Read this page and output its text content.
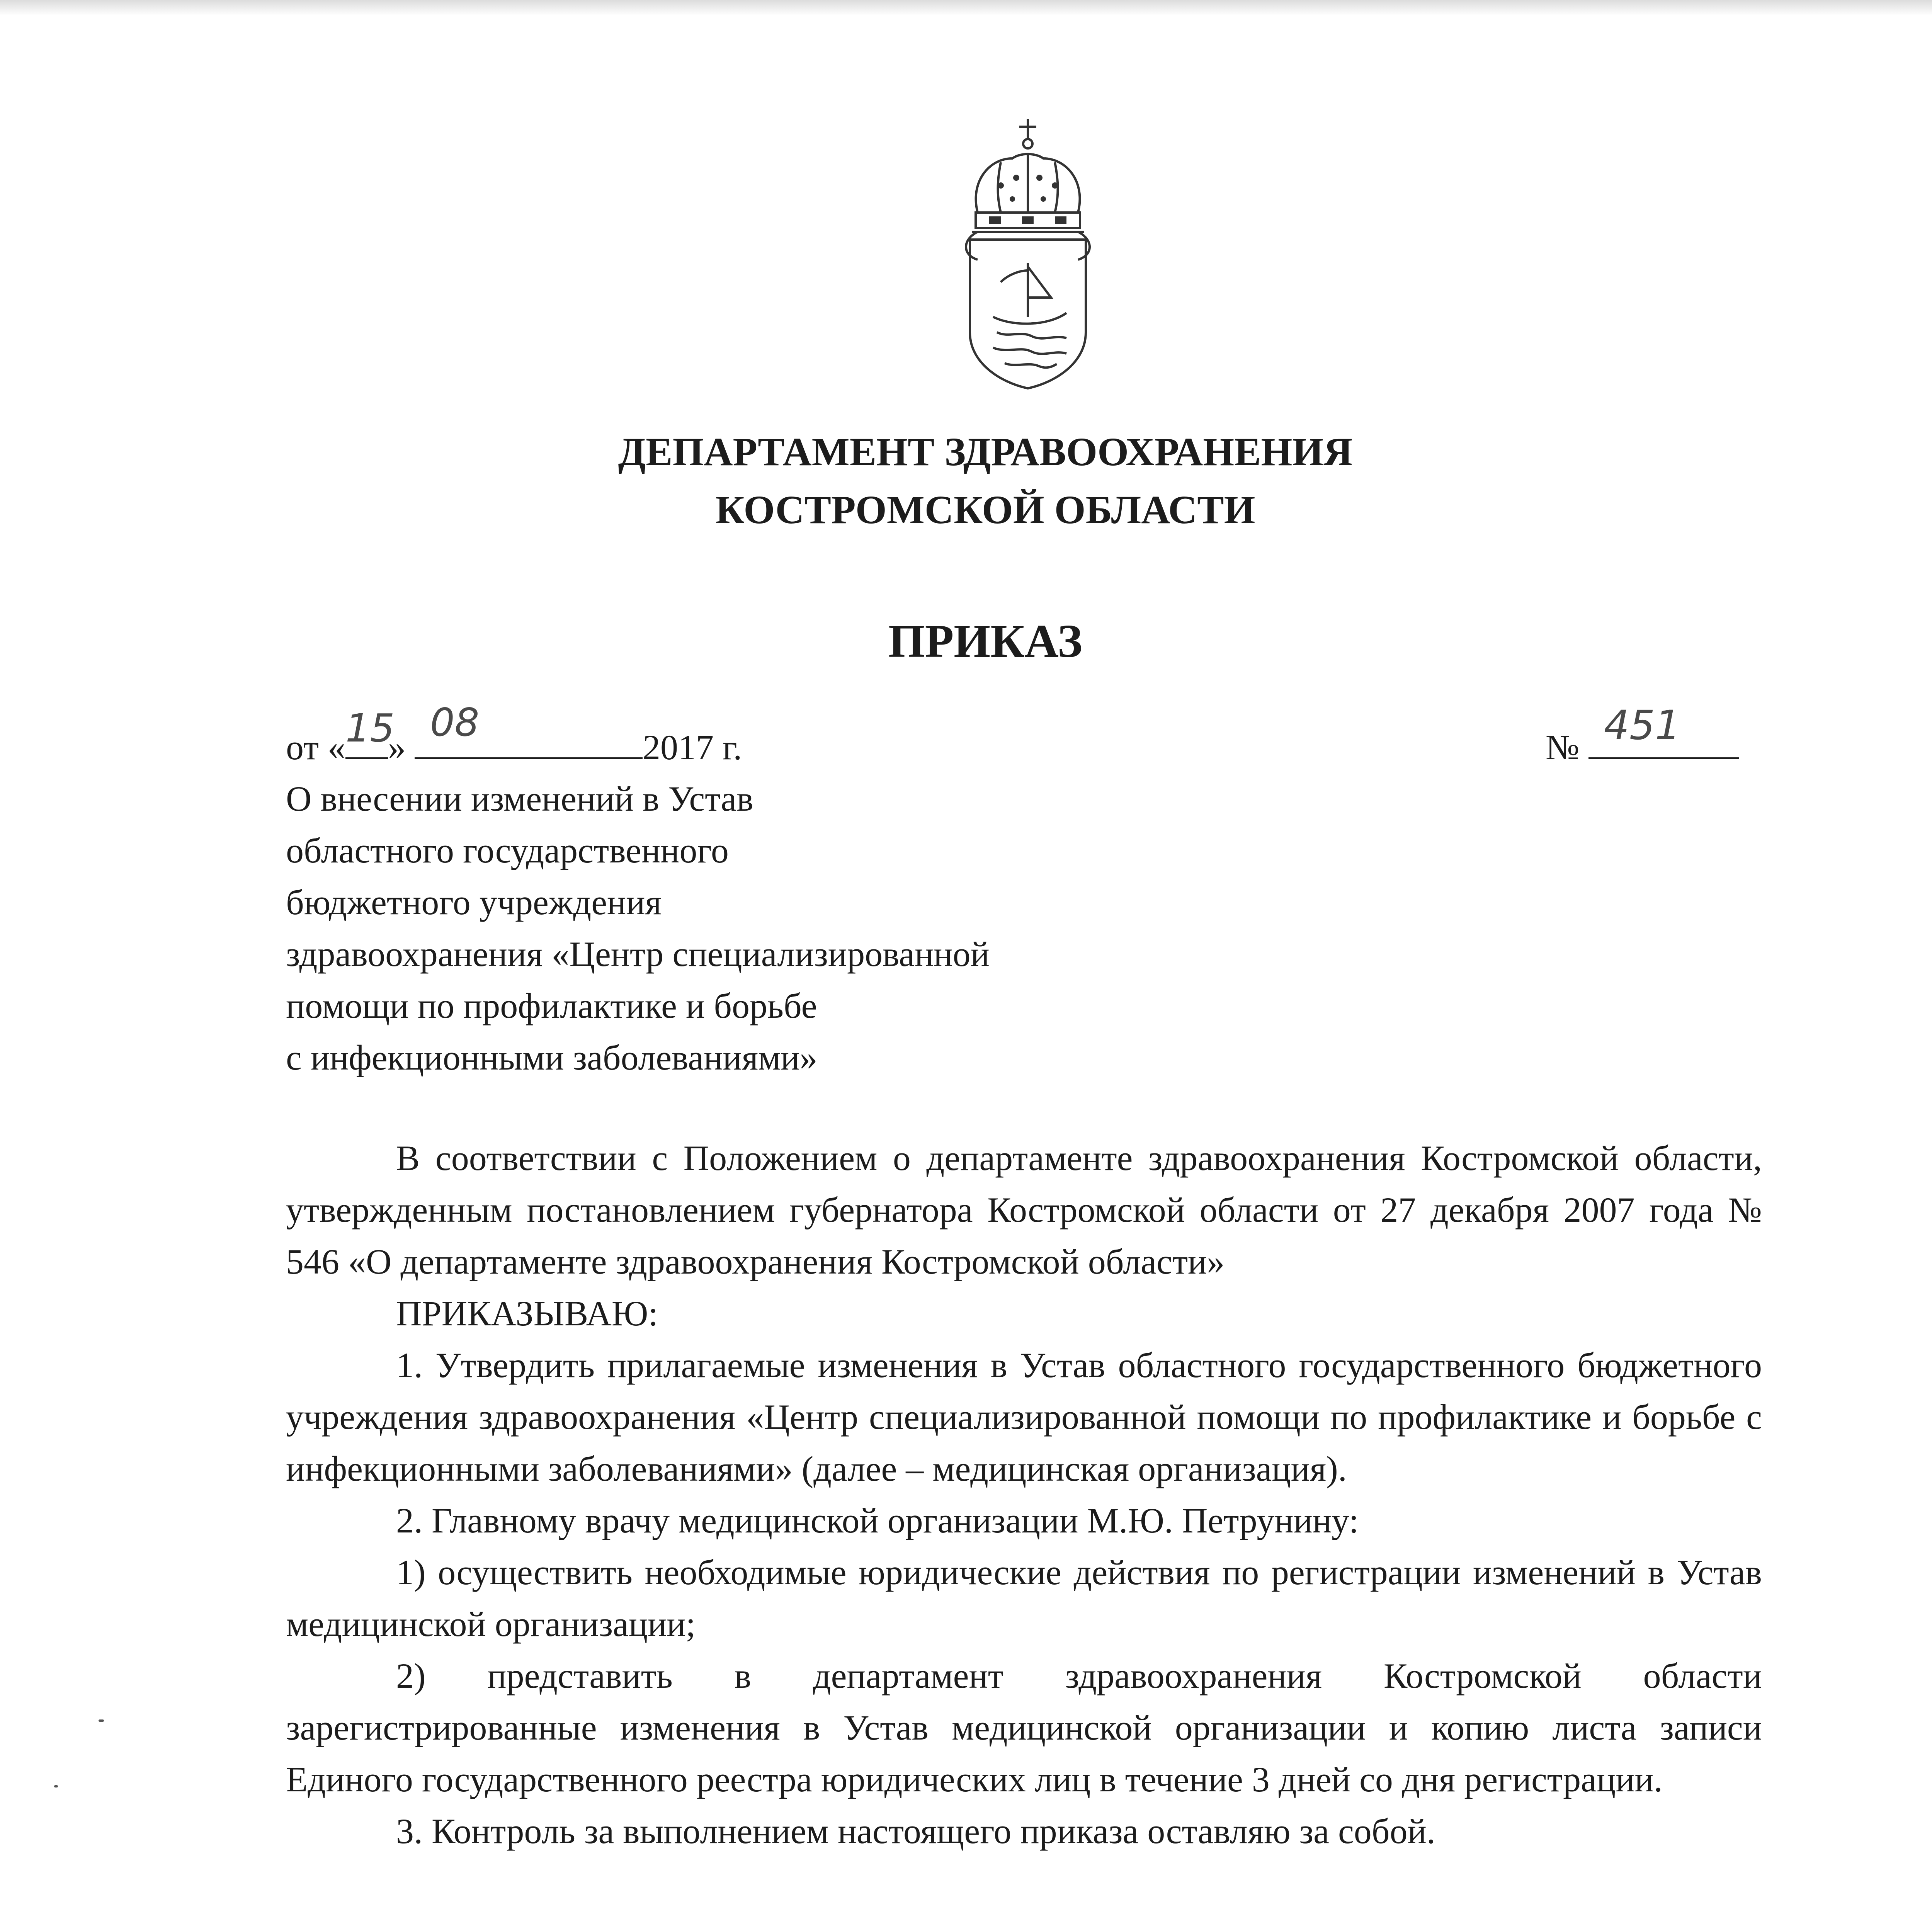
ДЕПАРТАМЕНТ ЗДРАВООХРАНЕНИЯ
КОСТРОМСКОЙ ОБЛАСТИ
ПРИКАЗ
от « 15
»
08
2017 г.	№ 451
О внесении изменений в Устав
областного государственного
бюджетного учреждения
здравоохранения «Центр специализированной
помощи по профилактике и борьбе
с инфекционными заболеваниями»

В соответствии с Положением о департаменте здравоохранения Костромской области, утвержденным постановлением губернатора Костромской области от 27 декабря 2007 года № 546 «О департаменте здравоохранения Костромской области»

ПРИКАЗЫВАЮ:

1. Утвердить прилагаемые изменения в Устав областного государственного бюджетного учреждения здравоохранения «Центр специализированной помощи по профилактике и борьбе с инфекционными заболеваниями» (далее – медицинская организация).

2. Главному врачу медицинской организации М.Ю. Петрунину:

1) осуществить необходимые юридические действия по регистрации изменений в Устав медицинской организации;

2) представить в департамент здравоохранения Костромской области зарегистрированные изменения в Устав медицинской организации и копию листа записи Единого государственного реестра юридических лиц в течение 3 дней со дня регистрации.

3. Контроль за выполнением настоящего приказа оставляю за собой.
